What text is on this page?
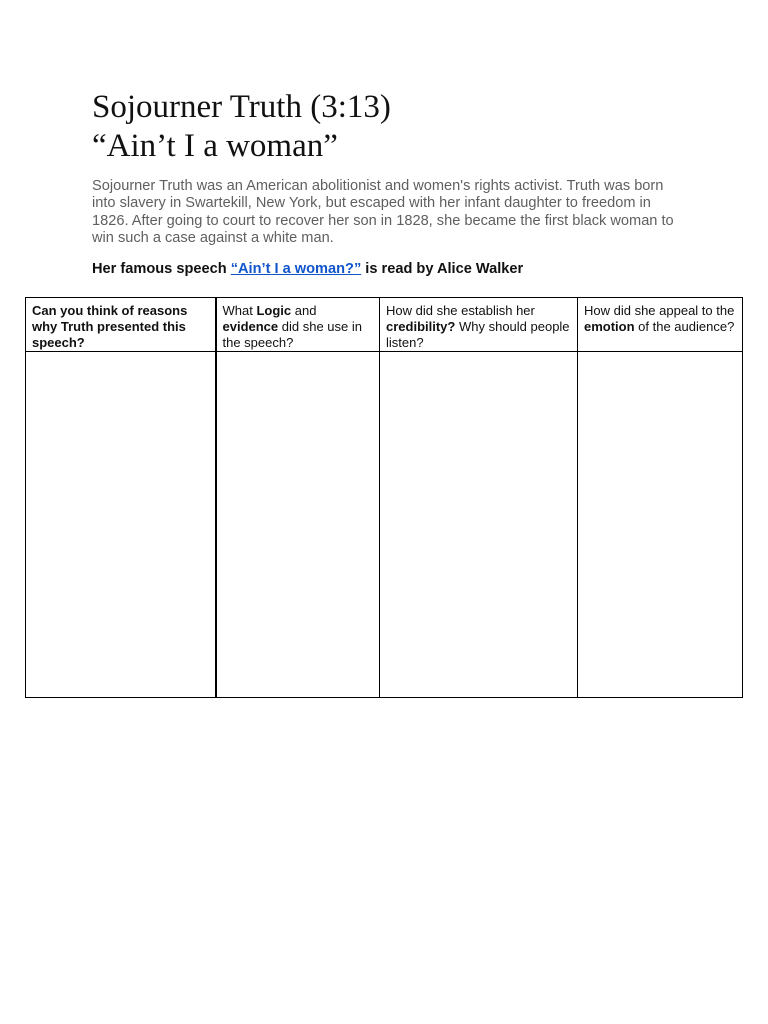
Sojourner Truth (3:13)
“Ain’t I a woman”

Sojourner Truth was an American abolitionist and women's rights activist. Truth was born into slavery in Swartekill, New York, but escaped with her infant daughter to freedom in 1826. After going to court to recover her son in 1828, she became the first black woman to win such a case against a white man.

Her famous speech “Ain’t I a woman?” is read by Alice Walker

Can you think of reasons why Truth presented this speech?	What Logic and evidence did she use in the speech?	How did she establish her credibility? Why should people listen?	How did she appeal to the emotion of the audience?
